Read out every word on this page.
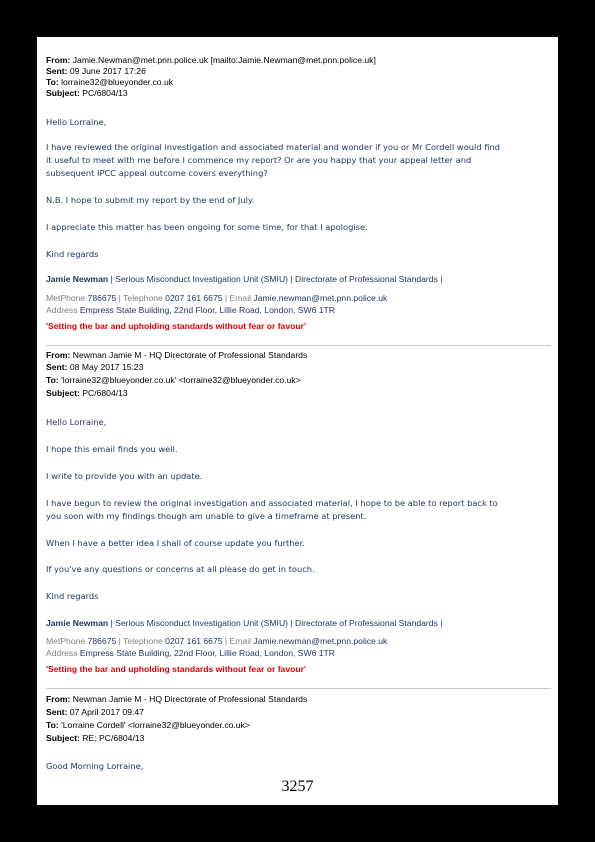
From: Jamie.Newman@met.pnn.police.uk [mailto:Jamie.Newman@met.pnn.police.uk]
Sent: 09 June 2017 17:26
To: lorraine32@blueyonder.co.uk
Subject: PC/6804/13
Hello Lorraine,
I have reviewed the original investigation and associated material and wonder if you or Mr Cordell would find
it useful to meet with me before I commence my report? Or are you happy that your appeal letter and
subsequent IPCC appeal outcome covers everything?
N.B. I hope to submit my report by the end of July.
I appreciate this matter has been ongoing for some time, for that I apologise.
Kind regards
Jamie Newman | Serious Misconduct Investigation Unit (SMIU) | Directorate of Professional Standards |
MetPhone 786675 | Telephone 0207 161 6675 | Email Jamie.newman@met.pnn.police.uk
Address Empress State Building, 22nd Floor, Lillie Road, London, SW6 1TR
'Setting the bar and upholding standards without fear or favour'
From: Newman Jamie M - HQ Directorate of Professional Standards
Sent: 08 May 2017 15:23
To: 'lorraine32@blueyonder.co.uk' <lorraine32@blueyonder.co.uk>
Subject: PC/6804/13
Hello Lorraine,
I hope this email finds you well.
I write to provide you with an update.
I have begun to review the original investigation and associated material, I hope to be able to report back to
you soon with my findings though am unable to give a timeframe at present.
When I have a better idea I shall of course update you further.
If you've any questions or concerns at all please do get in touch.
Kind regards
Jamie Newman | Serious Misconduct Investigation Unit (SMIU) | Directorate of Professional Standards |
MetPhone 786675 | Telephone 0207 161 6675 | Email Jamie.newman@met.pnn.police.uk
Address Empress State Building, 22nd Floor, Lillie Road, London, SW6 1TR
'Setting the bar and upholding standards without fear or favour'
From: Newman Jamie M - HQ Directorate of Professional Standards
Sent: 07 April 2017 09:47
To: 'Lorraine Cordell' <lorraine32@blueyonder.co.uk>
Subject: RE: PC/6804/13
Good Morning Lorraine,
3257
